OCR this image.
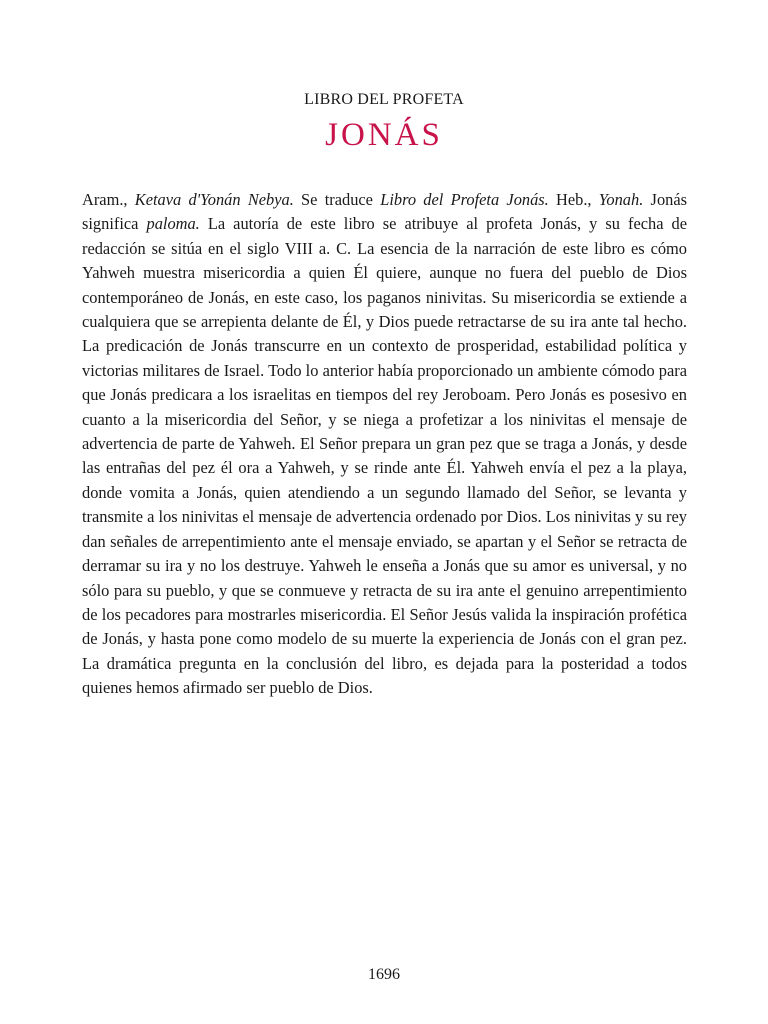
LIBRO DEL PROFETA
JONÁS

Aram., Ketava d'Yonán Nebya. Se traduce Libro del Profeta Jonás. Heb., Yonah. Jonás significa paloma. La autoría de este libro se atribuye al profeta Jonás, y su fecha de redacción se sitúa en el siglo VIII a. C. La esencia de la narración de este libro es cómo Yahweh muestra misericordia a quien Él quiere, aunque no fuera del pueblo de Dios contemporáneo de Jonás, en este caso, los paganos ninivitas. Su misericordia se extiende a cualquiera que se arrepienta delante de Él, y Dios puede retractarse de su ira ante tal hecho. La predicación de Jonás transcurre en un contexto de prosperidad, estabilidad política y victorias militares de Israel. Todo lo anterior había proporcionado un ambiente cómodo para que Jonás predicara a los israelitas en tiempos del rey Jeroboam. Pero Jonás es posesivo en cuanto a la misericordia del Señor, y se niega a profetizar a los ninivitas el mensaje de advertencia de parte de Yahweh. El Señor prepara un gran pez que se traga a Jonás, y desde las entrañas del pez él ora a Yahweh, y se rinde ante Él. Yahweh envía el pez a la playa, donde vomita a Jonás, quien atendiendo a un segundo llamado del Señor, se levanta y transmite a los ninivitas el mensaje de advertencia ordenado por Dios. Los ninivitas y su rey dan señales de arrepentimiento ante el mensaje enviado, se apartan y el Señor se retracta de derramar su ira y no los destruye. Yahweh le enseña a Jonás que su amor es universal, y no sólo para su pueblo, y que se conmueve y retracta de su ira ante el genuino arrepentimiento de los pecadores para mostrarles misericordia. El Señor Jesús valida la inspiración profética de Jonás, y hasta pone como modelo de su muerte la experiencia de Jonás con el gran pez. La dramática pregunta en la conclusión del libro, es dejada para la posteridad a todos quienes hemos afirmado ser pueblo de Dios.

1696
